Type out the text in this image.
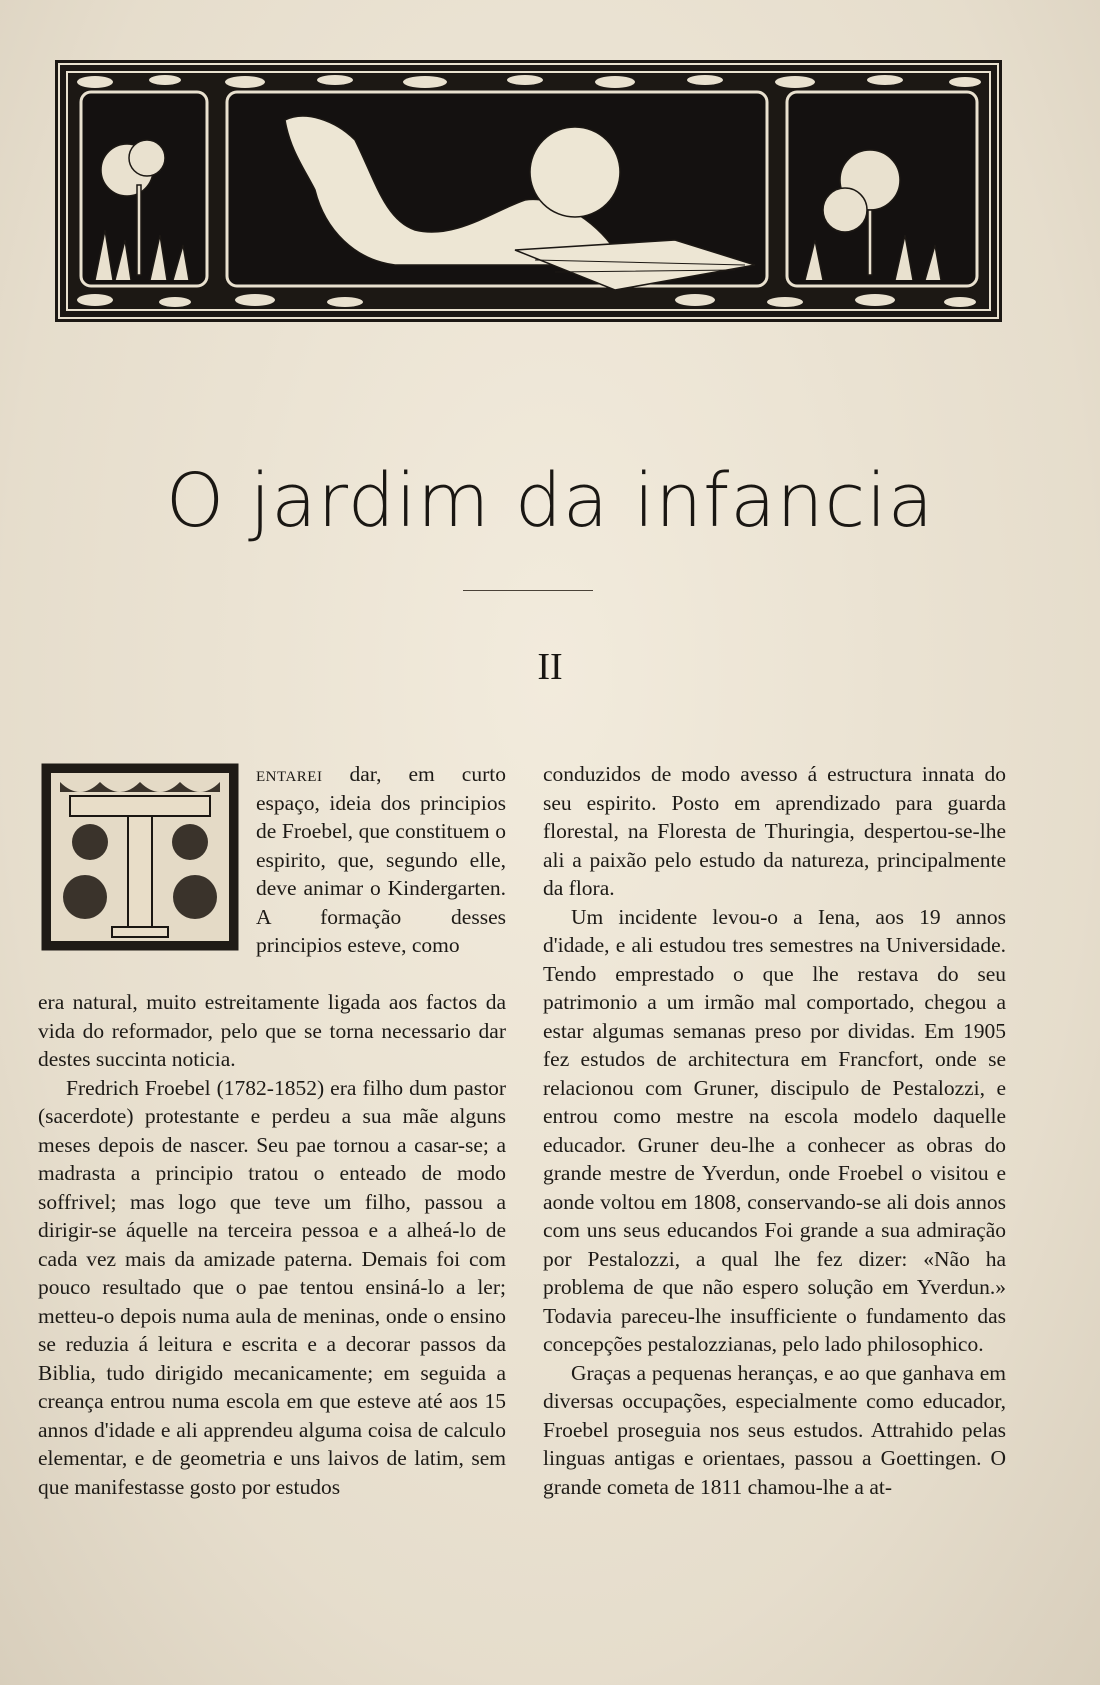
O jardim da infancia
II
T

entarei dar, em curto espaço, ideia dos principios de Froebel, que constituem o espirito, que, segundo elle, deve animar o Kindergarten. A formação desses principios esteve, como

era natural, muito estreitamente ligada aos factos da vida do reformador, pelo que se torna necessario dar destes succinta noticia.

Fredrich Froebel (1782-1852) era filho dum pastor (sacerdote) protestante e perdeu a sua mãe alguns meses depois de nascer. Seu pae tornou a casar-se; a madrasta a principio tratou o enteado de modo soffrivel; mas logo que teve um filho, passou a dirigir-se áquelle na terceira pessoa e a alheá-lo de cada vez mais da amizade paterna. Demais foi com pouco resultado que o pae tentou ensiná-lo a ler; metteu-o depois numa aula de meninas, onde o ensino se reduzia á leitura e escrita e a decorar passos da Biblia, tudo dirigido mecanicamente; em seguida a creança entrou numa escola em que esteve até aos 15 annos d'idade e ali apprendeu alguma coisa de calculo elementar, e de geometria e uns laivos de latim, sem que manifestasse gosto por estudos

conduzidos de modo avesso á estructura innata do seu espirito. Posto em aprendizado para guarda florestal, na Floresta de Thuringia, despertou-se-lhe ali a paixão pelo estudo da natureza, principalmente da flora.

Um incidente levou-o a Iena, aos 19 annos d'idade, e ali estudou tres semestres na Universidade. Tendo emprestado o que lhe restava do seu patrimonio a um irmão mal comportado, chegou a estar algumas semanas preso por dividas. Em 1905 fez estudos de architectura em Francfort, onde se relacionou com Gruner, discipulo de Pestalozzi, e entrou como mestre na escola modelo daquelle educador. Gruner deu-lhe a conhecer as obras do grande mestre de Yverdun, onde Froebel o visitou e aonde voltou em 1808, conservando-se ali dois annos com uns seus educandos Foi grande a sua admiração por Pestalozzi, a qual lhe fez dizer: «Não ha problema de que não espero solução em Yverdun.» Todavia pareceu-lhe insufficiente o fundamento das concepções pestalozzianas, pelo lado philosophico.

Graças a pequenas heranças, e ao que ganhava em diversas occupações, especialmente como educador, Froebel proseguia nos seus estudos. Attrahido pelas linguas antigas e orientaes, passou a Goettingen. O grande cometa de 1811 chamou-lhe a at-
